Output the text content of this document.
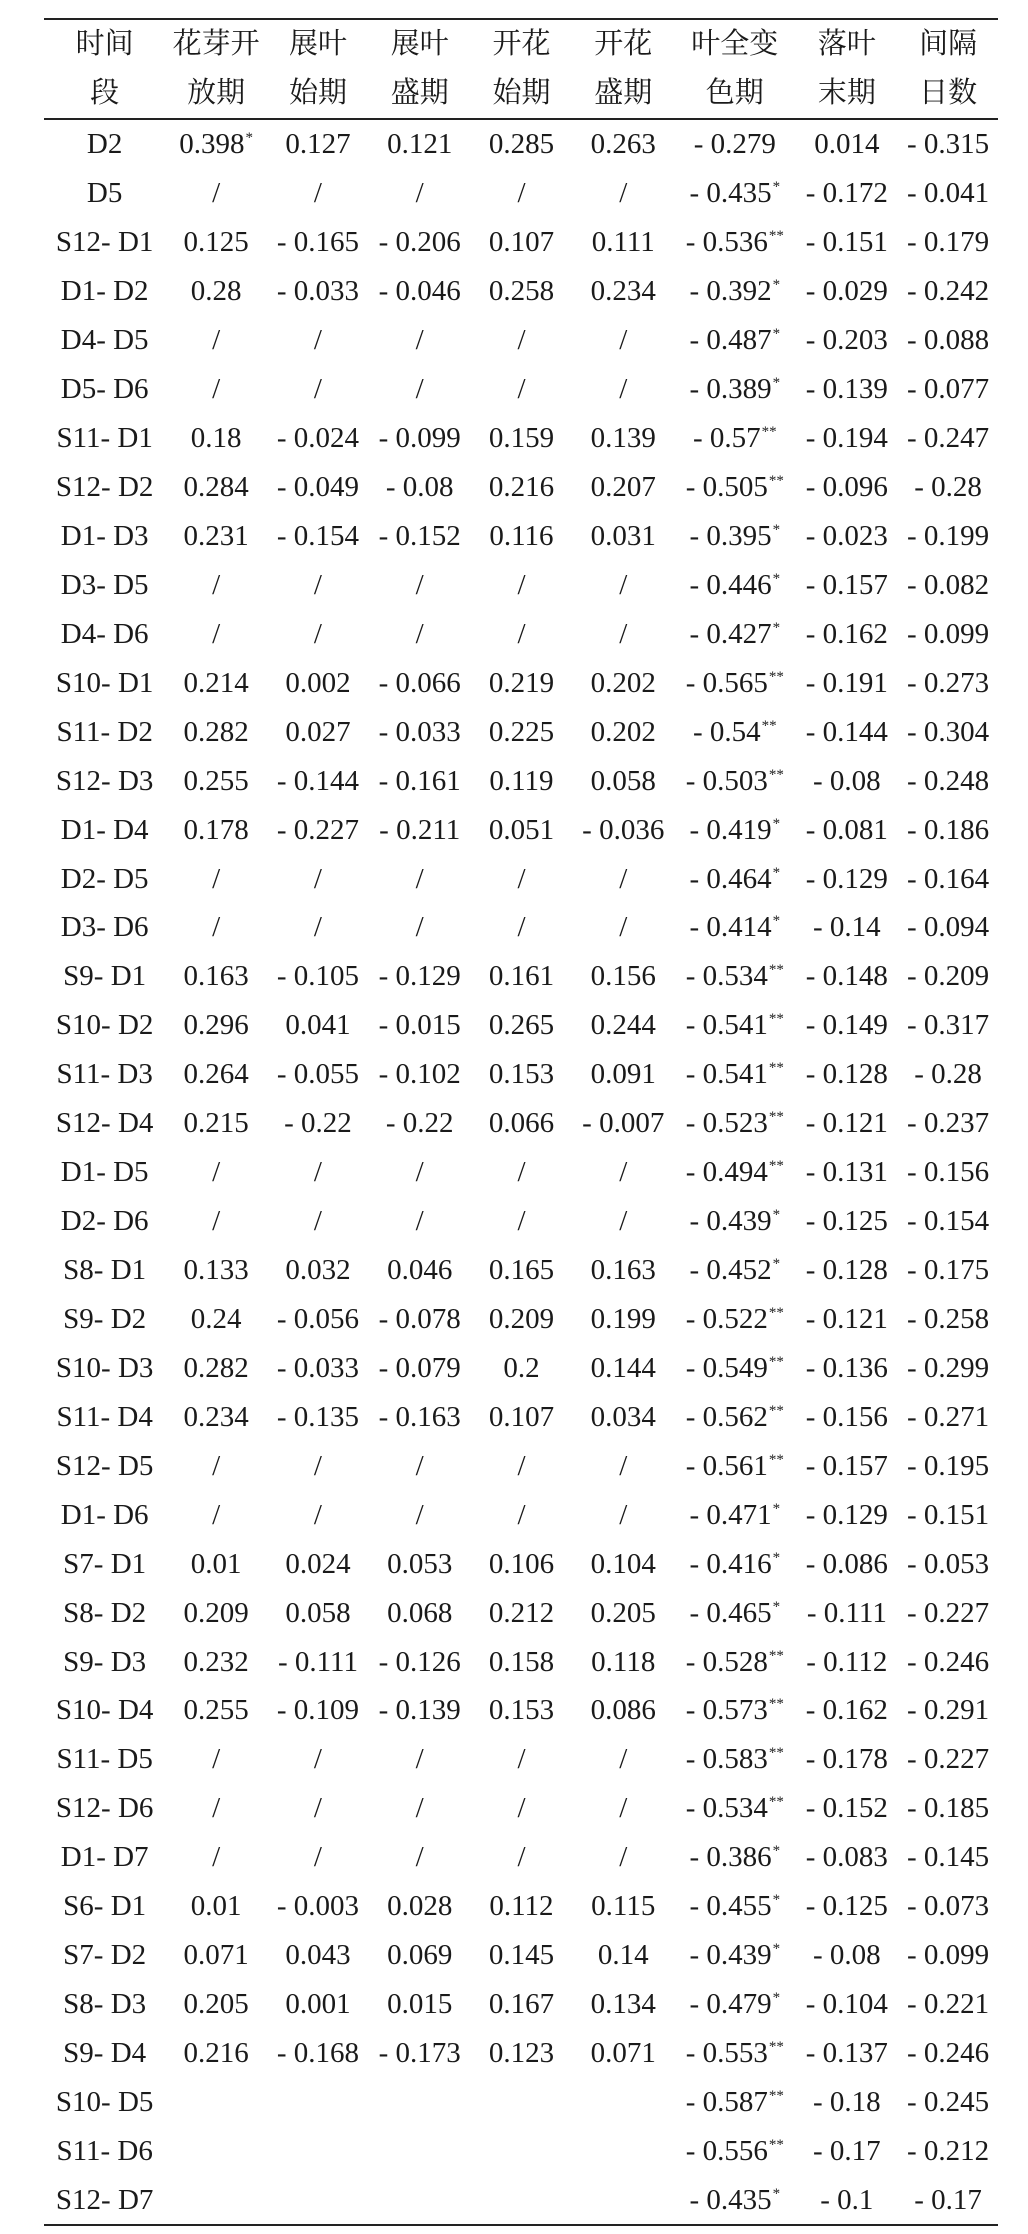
时间	花芽开	展叶	展叶	开花	开花	叶全变	落叶	间隔
段	放期	始期	盛期	始期	盛期	色期	末期	日数
D2	0.398*	0.127	0.121	0.285	0.263	- 0.279	0.014	- 0.315
D5	/	/	/	/	/	- 0.435*	- 0.172	- 0.041
S12- D1	0.125	- 0.165	- 0.206	0.107	0.111	- 0.536**	- 0.151	- 0.179
D1- D2	0.28	- 0.033	- 0.046	0.258	0.234	- 0.392*	- 0.029	- 0.242
D4- D5	/	/	/	/	/	- 0.487*	- 0.203	- 0.088
D5- D6	/	/	/	/	/	- 0.389*	- 0.139	- 0.077
S11- D1	0.18	- 0.024	- 0.099	0.159	0.139	- 0.57**	- 0.194	- 0.247
S12- D2	0.284	- 0.049	- 0.08	0.216	0.207	- 0.505**	- 0.096	- 0.28
D1- D3	0.231	- 0.154	- 0.152	0.116	0.031	- 0.395*	- 0.023	- 0.199
D3- D5	/	/	/	/	/	- 0.446*	- 0.157	- 0.082
D4- D6	/	/	/	/	/	- 0.427*	- 0.162	- 0.099
S10- D1	0.214	0.002	- 0.066	0.219	0.202	- 0.565**	- 0.191	- 0.273
S11- D2	0.282	0.027	- 0.033	0.225	0.202	- 0.54**	- 0.144	- 0.304
S12- D3	0.255	- 0.144	- 0.161	0.119	0.058	- 0.503**	- 0.08	- 0.248
D1- D4	0.178	- 0.227	- 0.211	0.051	- 0.036	- 0.419*	- 0.081	- 0.186
D2- D5	/	/	/	/	/	- 0.464*	- 0.129	- 0.164
D3- D6	/	/	/	/	/	- 0.414*	- 0.14	- 0.094
S9- D1	0.163	- 0.105	- 0.129	0.161	0.156	- 0.534**	- 0.148	- 0.209
S10- D2	0.296	0.041	- 0.015	0.265	0.244	- 0.541**	- 0.149	- 0.317
S11- D3	0.264	- 0.055	- 0.102	0.153	0.091	- 0.541**	- 0.128	- 0.28
S12- D4	0.215	- 0.22	- 0.22	0.066	- 0.007	- 0.523**	- 0.121	- 0.237
D1- D5	/	/	/	/	/	- 0.494**	- 0.131	- 0.156
D2- D6	/	/	/	/	/	- 0.439*	- 0.125	- 0.154
S8- D1	0.133	0.032	0.046	0.165	0.163	- 0.452*	- 0.128	- 0.175
S9- D2	0.24	- 0.056	- 0.078	0.209	0.199	- 0.522**	- 0.121	- 0.258
S10- D3	0.282	- 0.033	- 0.079	0.2	0.144	- 0.549**	- 0.136	- 0.299
S11- D4	0.234	- 0.135	- 0.163	0.107	0.034	- 0.562**	- 0.156	- 0.271
S12- D5	/	/	/	/	/	- 0.561**	- 0.157	- 0.195
D1- D6	/	/	/	/	/	- 0.471*	- 0.129	- 0.151
S7- D1	0.01	0.024	0.053	0.106	0.104	- 0.416*	- 0.086	- 0.053
S8- D2	0.209	0.058	0.068	0.212	0.205	- 0.465*	- 0.111	- 0.227
S9- D3	0.232	- 0.111	- 0.126	0.158	0.118	- 0.528**	- 0.112	- 0.246
S10- D4	0.255	- 0.109	- 0.139	0.153	0.086	- 0.573**	- 0.162	- 0.291
S11- D5	/	/	/	/	/	- 0.583**	- 0.178	- 0.227
S12- D6	/	/	/	/	/	- 0.534**	- 0.152	- 0.185
D1- D7	/	/	/	/	/	- 0.386*	- 0.083	- 0.145
S6- D1	0.01	- 0.003	0.028	0.112	0.115	- 0.455*	- 0.125	- 0.073
S7- D2	0.071	0.043	0.069	0.145	0.14	- 0.439*	- 0.08	- 0.099
S8- D3	0.205	0.001	0.015	0.167	0.134	- 0.479*	- 0.104	- 0.221
S9- D4	0.216	- 0.168	- 0.173	0.123	0.071	- 0.553**	- 0.137	- 0.246
S10- D5						- 0.587**	- 0.18	- 0.245
S11- D6						- 0.556**	- 0.17	- 0.212
S12- D7						- 0.435*	- 0.1	- 0.17
